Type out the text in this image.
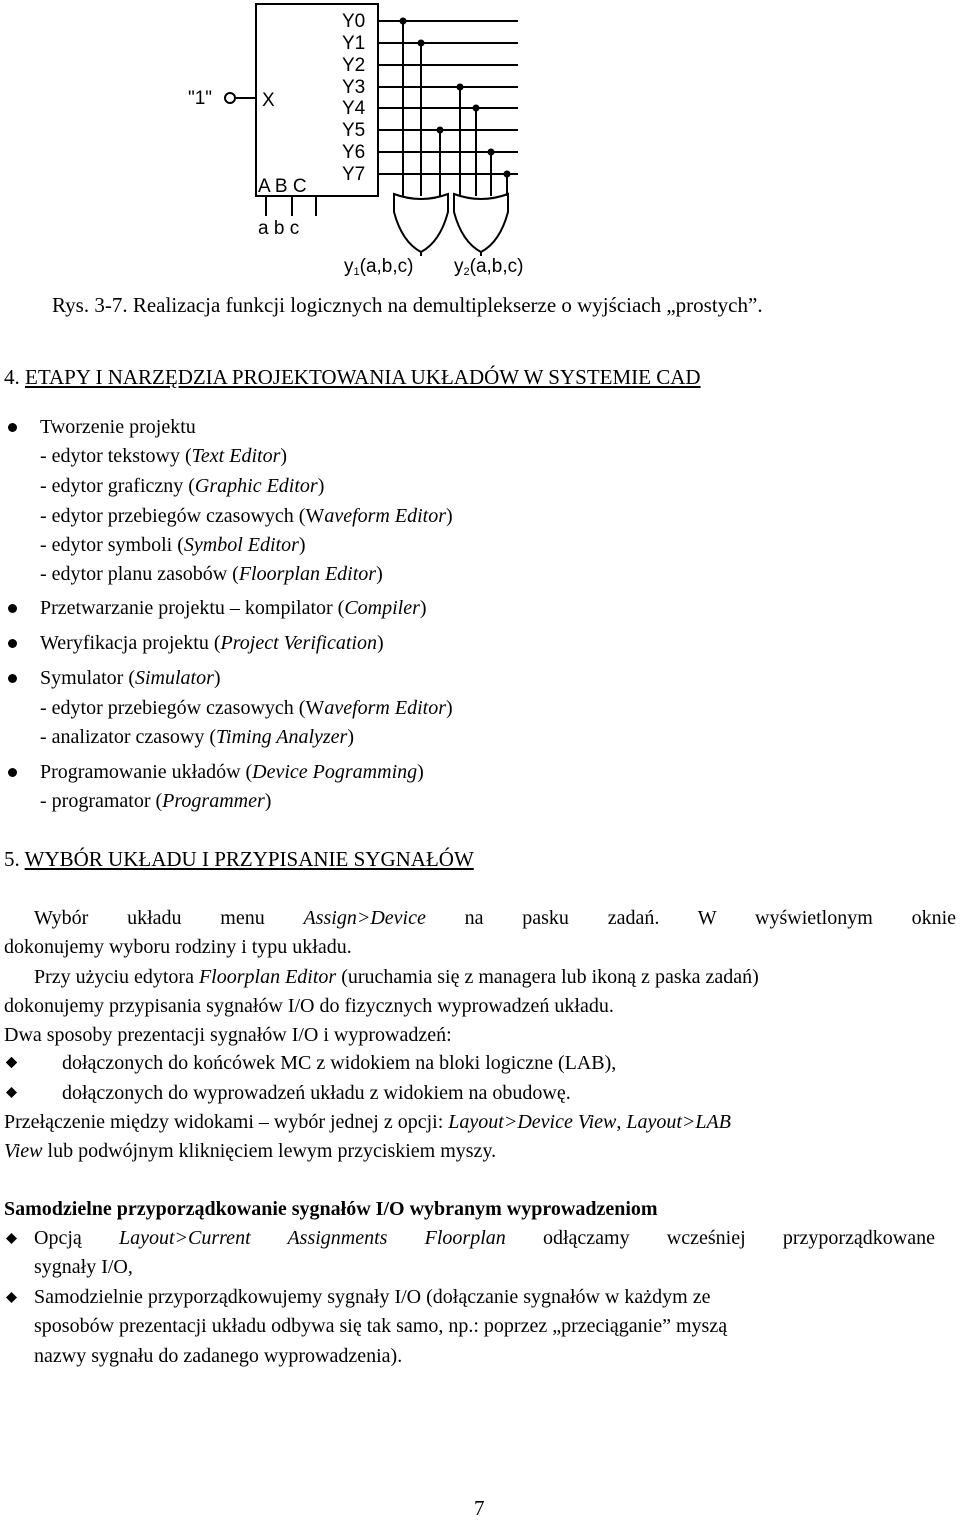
"1"	X
Y0
Y1
Y2
Y3
Y4
Y5
Y6
Y7
A B C
a b c
y1(a,b,c) y2(a,b,c)
Rys. 3-7. Realizacja funkcji logicznych na demultiplekserze o wyjściach „prostych”.
4. ETAPY I NARZĘDZIA PROJEKTOWANIA UKŁADÓW W SYSTEMIE CAD
Tworzenie projektu
- edytor tekstowy (Text Editor)
- edytor graficzny (Graphic Editor)
- edytor przebiegów czasowych (Waveform Editor)
- edytor symboli (Symbol Editor)
- edytor planu zasobów (Floorplan Editor)
Przetwarzanie projektu – kompilator (Compiler)
Weryfikacja projektu (Project Verification)
Symulator (Simulator)
- edytor przebiegów czasowych (Waveform Editor)
- analizator czasowy (Timing Analyzer)
Programowanie układów (Device Pogramming)
- programator (Programmer)
5. WYBÓR UKŁADU I PRZYPISANIE SYGNAŁÓW
Wybór układu menu Assign>Device na pasku zadań. W wyświetlonym oknie
dokonujemy wyboru rodziny i typu układu.
Przy użyciu edytora Floorplan Editor (uruchamia się z managera lub ikoną z paska zadań)
dokonujemy przypisania sygnałów I/O do fizycznych wyprowadzeń układu.
Dwa sposoby prezentacji sygnałów I/O i wyprowadzeń:
dołączonych do końcówek MC z widokiem na bloki logiczne (LAB),
dołączonych do wyprowadzeń układu z widokiem na obudowę.
Przełączenie między widokami – wybór jednej z opcji: Layout>Device View, Layout>LAB
View lub podwójnym kliknięciem lewym przyciskiem myszy.
Samodzielne przyporządkowanie sygnałów I/O wybranym wyprowadzeniom
Opcją Layout>Current Assignments Floorplan odłączamy wcześniej przyporządkowane
sygnały I/O,
Samodzielnie przyporządkowujemy sygnały I/O (dołączanie sygnałów w każdym ze
sposobów prezentacji układu odbywa się tak samo, np.: poprzez „przeciąganie” myszą
nazwy sygnału do zadanego wyprowadzenia).
7
